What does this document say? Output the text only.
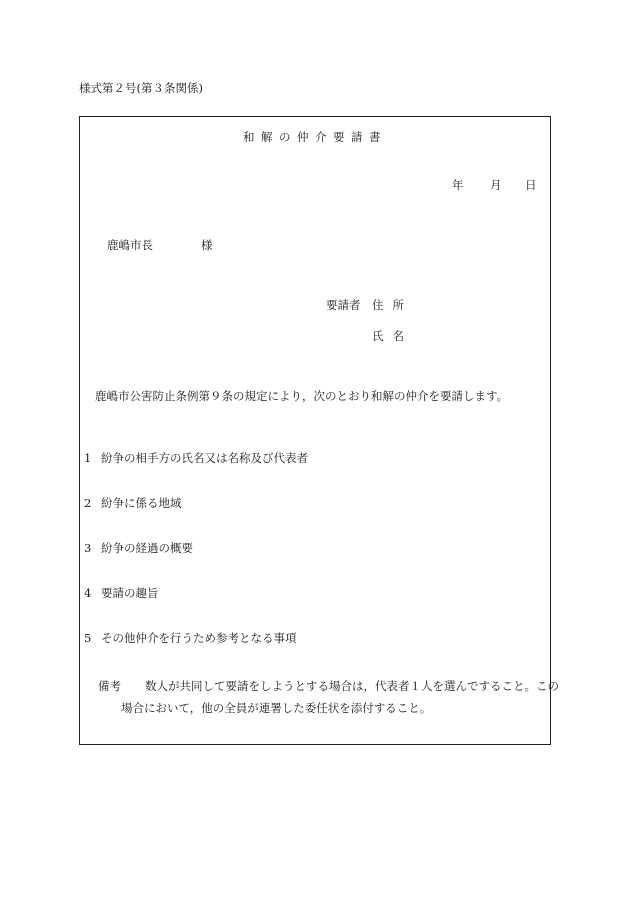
様式第２号(第３条関係)
和解の仲介要請書
年 月 日
鹿嶋市長	様
要請者 住所
氏名
鹿嶋市公害防止条例第９条の規定により，次のとおり和解の仲介を要請します。
1 紛争の相手方の氏名又は名称及び代表者
2 紛争に係る地域
3 紛争の経過の概要
4 要請の趣旨
5 その他仲介を行うため参考となる事項
備考 数人が共同して要請をしようとする場合は，代表者１人を選んですること。この
場合において，他の全員が連署した委任状を添付すること。
